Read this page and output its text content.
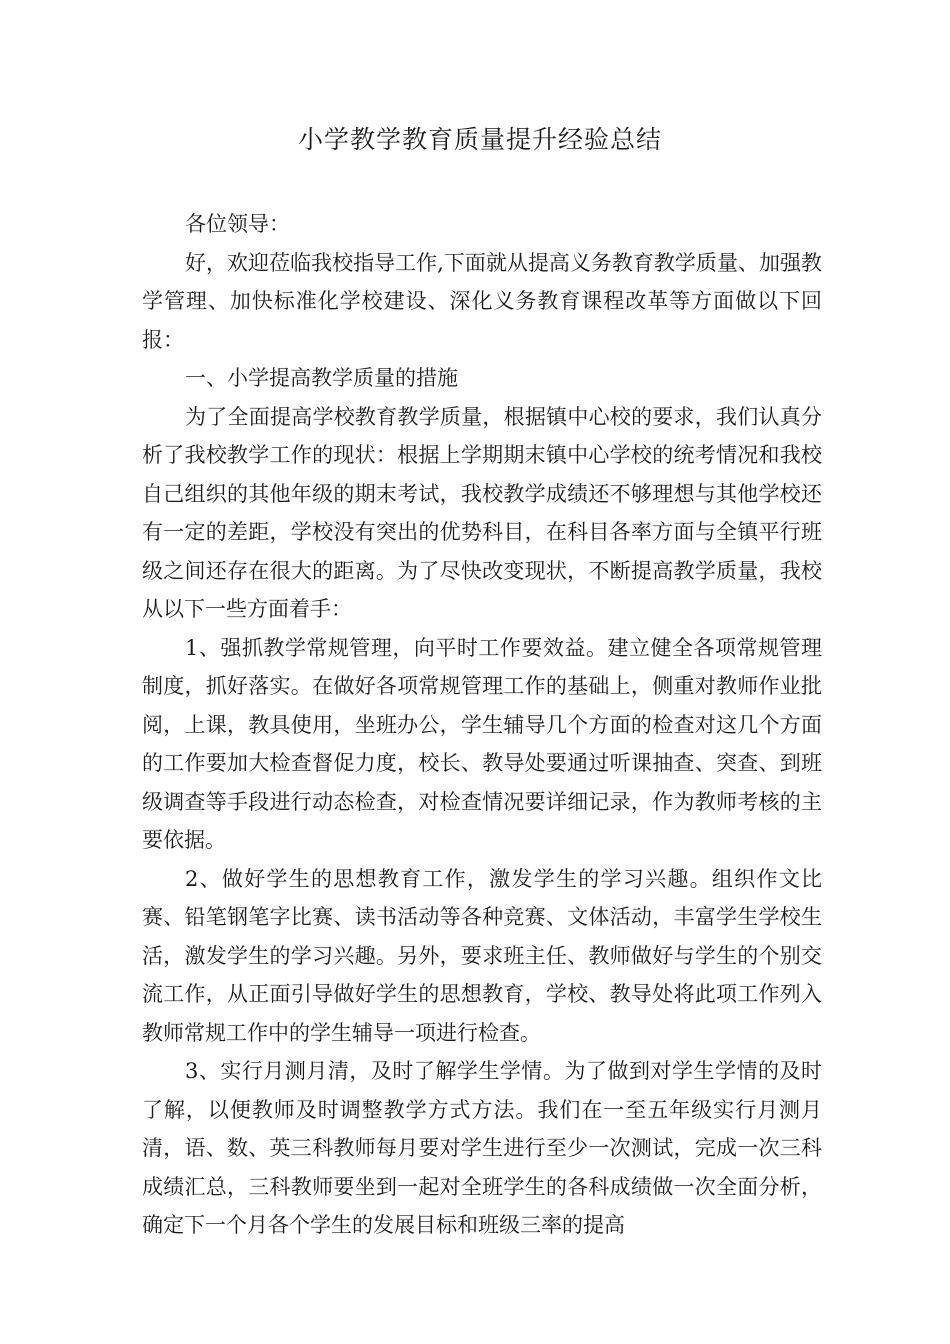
小学教学教育质量提升经验总结

各位领导：

好，欢迎莅临我校指导工作,下面就从提高义务教育教学质量、加强教学管理、加快标准化学校建设、深化义务教育课程改革等方面做以下回报：

一、小学提高教学质量的措施

为了全面提高学校教育教学质量，根据镇中心校的要求，我们认真分析了我校教学工作的现状：根据上学期期末镇中心学校的统考情况和我校自己组织的其他年级的期末考试，我校教学成绩还不够理想与其他学校还有一定的差距，学校没有突出的优势科目，在科目各率方面与全镇平行班级之间还存在很大的距离。为了尽快改变现状，不断提高教学质量，我校从以下一些方面着手：

1、强抓教学常规管理，向平时工作要效益。建立健全各项常规管理制度，抓好落实。在做好各项常规管理工作的基础上，侧重对教师作业批阅，上课，教具使用，坐班办公，学生辅导几个方面的检查对这几个方面的工作要加大检查督促力度，校长、教导处要通过听课抽查、突查、到班级调查等手段进行动态检查，对检查情况要详细记录，作为教师考核的主要依据。

2、做好学生的思想教育工作，激发学生的学习兴趣。组织作文比赛、铅笔钢笔字比赛、读书活动等各种竞赛、文体活动，丰富学生学校生活，激发学生的学习兴趣。另外，要求班主任、教师做好与学生的个别交流工作，从正面引导做好学生的思想教育，学校、教导处将此项工作列入教师常规工作中的学生辅导一项进行检查。

3、实行月测月清，及时了解学生学情。为了做到对学生学情的及时了解，以便教师及时调整教学方式方法。我们在一至五年级实行月测月清，语、数、英三科教师每月要对学生进行至少一次测试，完成一次三科成绩汇总，三科教师要坐到一起对全班学生的各科成绩做一次全面分析，确定下一个月各个学生的发展目标和班级三率的提高
